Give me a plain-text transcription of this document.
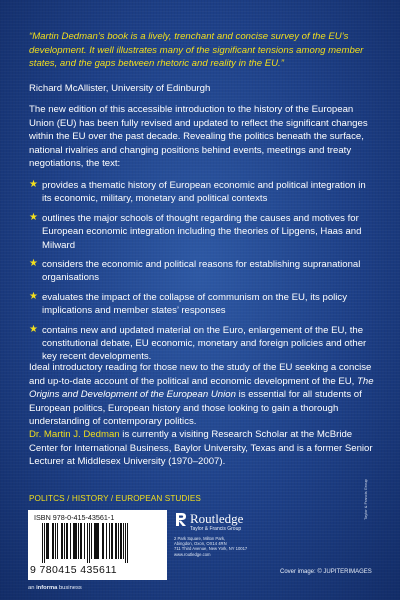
“Martin Dedman’s book is a lively, trenchant and concise survey of the EU’s development. It well illustrates many of the significant tensions among member states, and the gaps between rhetoric and reality in the EU.”

Richard McAllister, University of Edinburgh

The new edition of this accessible introduction to the history of the European Union (EU) has been fully revised and updated to reflect the significant changes within the EU over the past decade. Revealing the politics beneath the surface, national rivalries and changing positions behind events, meetings and treaty negotiations, the text:

★ provides a thematic history of European economic and political integration in its economic, military, monetary and political contexts
★ outlines the major schools of thought regarding the causes and motives for European economic integration including the theories of Lipgens, Haas and Milward
★ considers the economic and political reasons for establishing supranational organisations
★ evaluates the impact of the collapse of communism on the EU, its policy implications and member states’ responses
★ contains new and updated material on the Euro, enlargement of the EU, the constitutional debate, EU economic, monetary and foreign policies and other key recent developments.

Ideal introductory reading for those new to the study of the EU seeking a concise and up-to-date account of the political and economic development of the EU, The Origins and Development of the European Union is essential for all students of European politics, European history and those looking to gain a thorough understanding of contemporary politics.

Dr. Martin J. Dedman is currently a visiting Research Scholar at the McBride Center for International Business, Baylor University, Texas and is a former Senior Lecturer at Middlesex University (1970–2007).

POLITCS / HISTORY / EUROPEAN STUDIES
ISBN 978-0-415-43561-1
9 780415 435611
Routledge
Taylor & Francis Group

2 Park Square, Milton Park,
Abingdon, Oxon, OX14 4RN
711 Third Avenue, New York, NY 10017
www.routledge.com

Cover image: © JUPITERIMAGES
an informa business
Taylor & Francis Group
